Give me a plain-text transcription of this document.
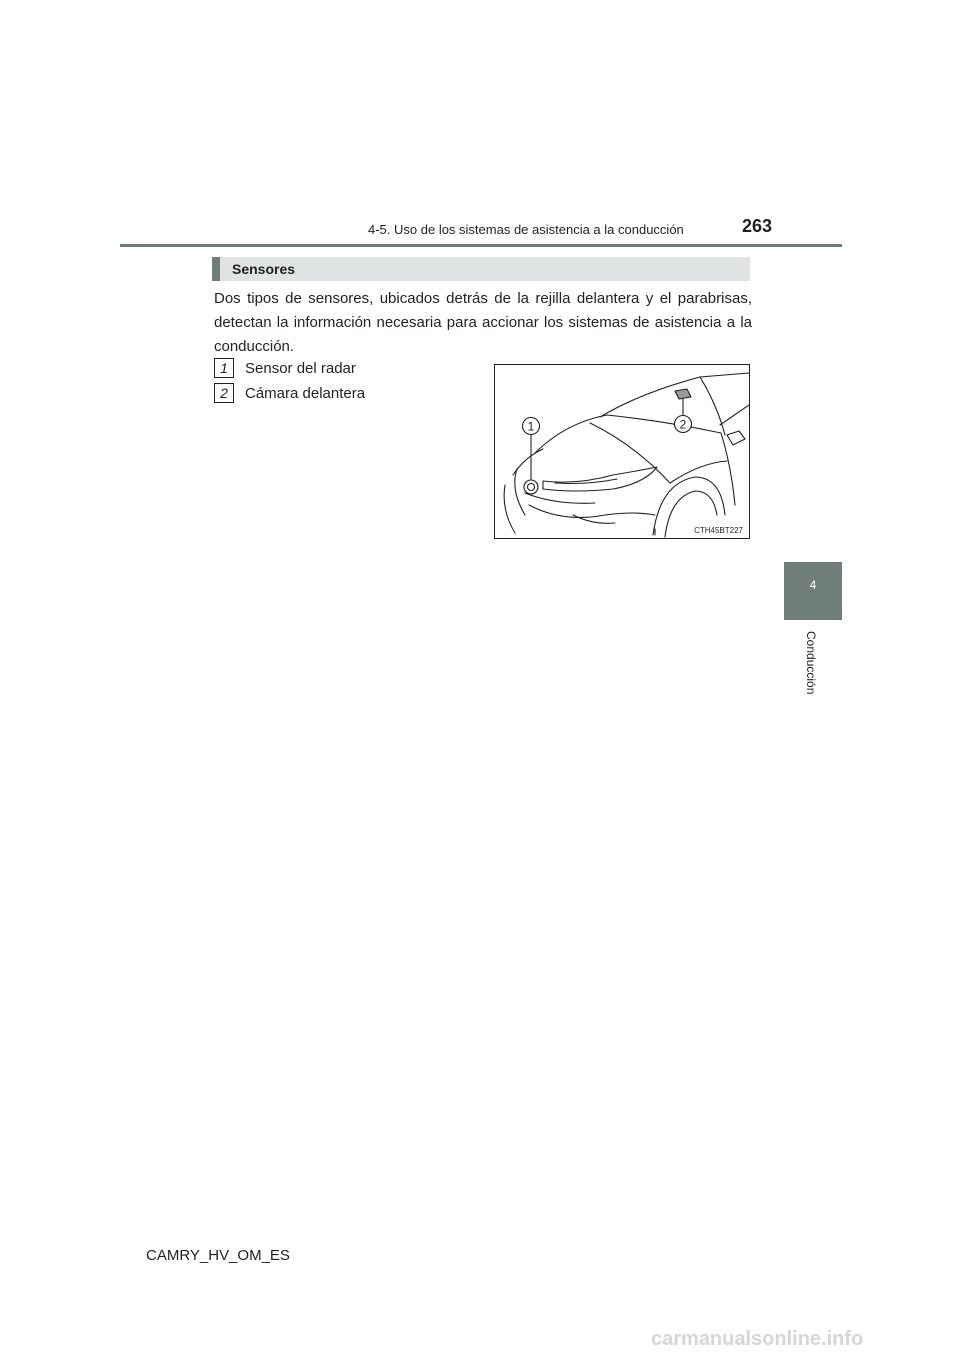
4-5. Uso de los sistemas de asistencia a la conducción	263
4
Conducción
Sensores

Dos tipos de sensores, ubicados detrás de la rejilla delantera y el parabrisas, detectan la información necesaria para accionar los sistemas de asistencia a la conducción.

1	Sensor del radar
2	Cámara delantera
1	2
CTH45BT227
CAMRY_HV_OM_ES
carmanualsonline.info
